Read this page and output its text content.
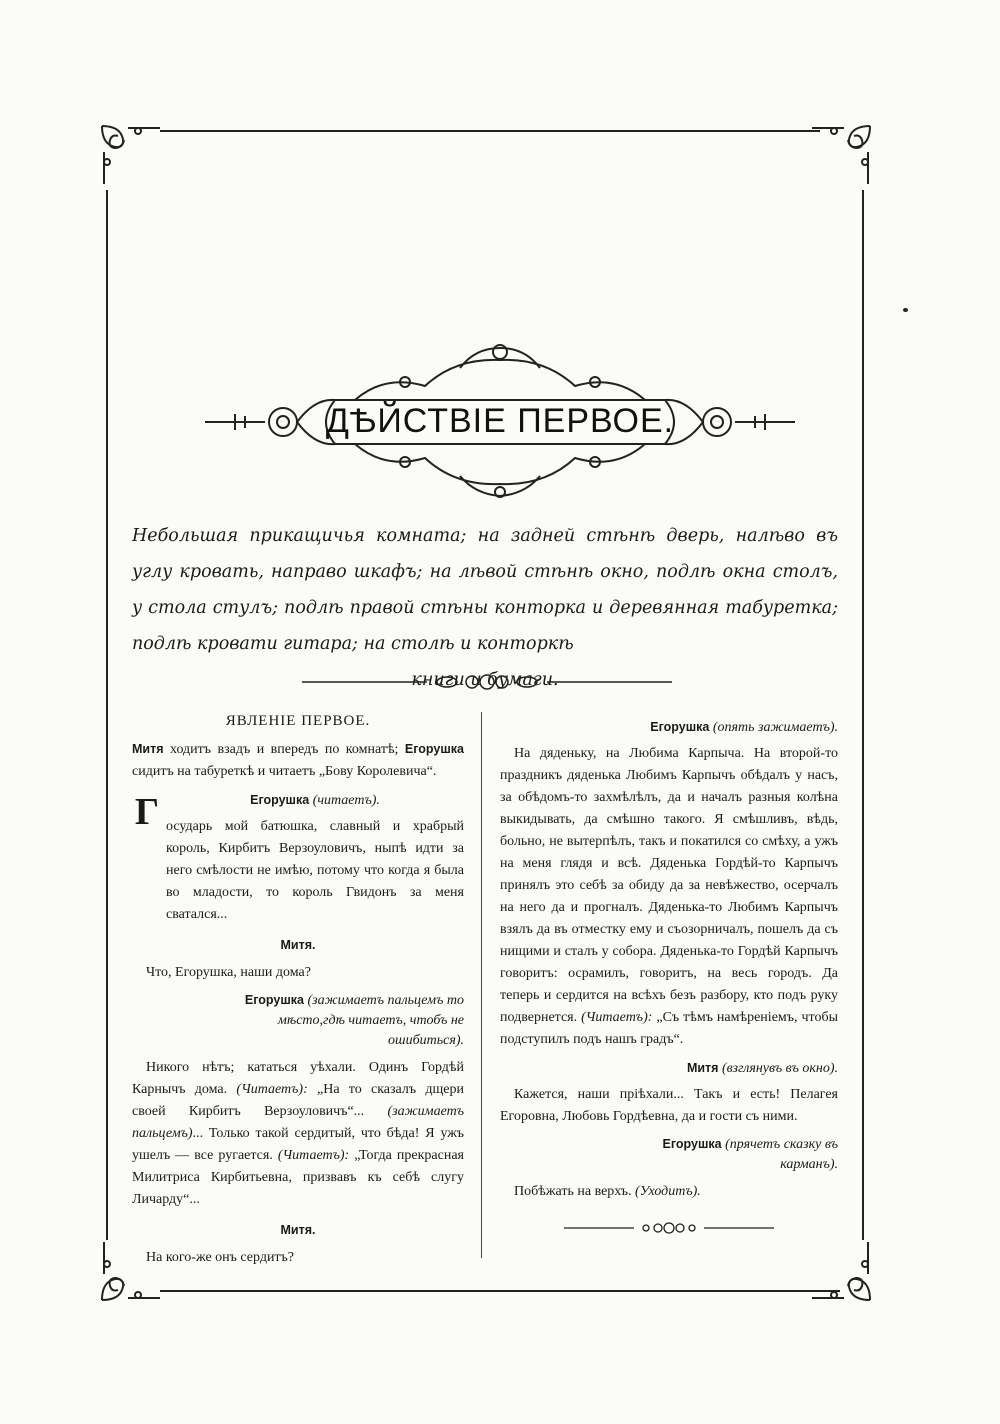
ДѢЙСТВІЕ ПЕРВОЕ.
Небольшая прикащичья комната; на задней стѣнѣ дверь, налѣво въ углу кровать, направо шкафъ; на лѣвой стѣнѣ окно, подлѣ окна столъ, у стола стулъ; подлѣ правой стѣны конторка и деревянная табуретка; подлѣ кровати гитара; на столѣ и конторкѣ
книги и бумаги.
ЯВЛЕНІЕ ПЕРВОЕ.

Митя ходитъ взадъ и впередъ по комнатѣ; Егорушка сидитъ на табуреткѣ и читаетъ „Бову Королевича“.

Г	Егорушка (читаетъ).

осударь мой батюшка, славный и храбрый король, Кирбитъ Верзоуловичъ, ныпѣ идти за него смѣлости не имѣю, потому что когда я была во младости, то король Гвидонъ за меня сватался...

Митя.

Что, Егорушка, наши дома?

Егорушка (зажимаетъ пальцемъ то мѣсто,гдѣ читаетъ, чтобъ не ошибиться).

Никого нѣтъ; кататься уѣхали. Одинъ Гордѣй Карнычъ дома. (Читаетъ): „На то сказалъ дщери своей Кирбитъ Верзоуловичъ“... (зажимаетъ пальцемъ)... Только такой сердитый, что бѣда! Я ужъ ушелъ — все ругается. (Читаетъ): „Тогда прекрасная Милитриса Кирбитьевна, призвавъ къ себѣ слугу Личарду“...

Митя.

На кого-же онъ сердитъ?

Егорушка (опять зажимаетъ).

На дяденьку, на Любима Карпыча. На второй-то праздникъ дяденька Любимъ Карпычъ обѣдалъ у насъ, за обѣдомъ-то захмѣлѣлъ, да и началъ разныя колѣна выкидывать, да смѣшно такого. Я смѣшливъ, вѣдь, больно, не вытерпѣлъ, такъ и покатился со смѣху, а ужъ на меня глядя и всѣ. Дяденька Гордѣй-то Карпычъ принялъ это себѣ за обиду да за невѣжество, осерчалъ на него да и прогналъ. Дяденька-то Любимъ Карпычъ взялъ да въ отместку ему и съозорничалъ, пошелъ да съ нищими и сталъ у собора. Дяденька-то Гордѣй Карпычъ говоритъ: осрамилъ, говоритъ, на весь городъ. Да теперь и сердится на всѣхъ безъ разбору, кто подъ руку подвернется. (Читаетъ): „Съ тѣмъ намѣреніемъ, чтобы подступилъ подъ нашъ градъ“.

Митя (взглянувъ въ окно).

Кажется, наши пріѣхали... Такъ и есть! Пелагея Егоровна, Любовь Гордѣевна, да и гости съ ними.

Егорушка (прячетъ сказку въ карманъ).

Побѣжать на верхъ. (Уходитъ).
